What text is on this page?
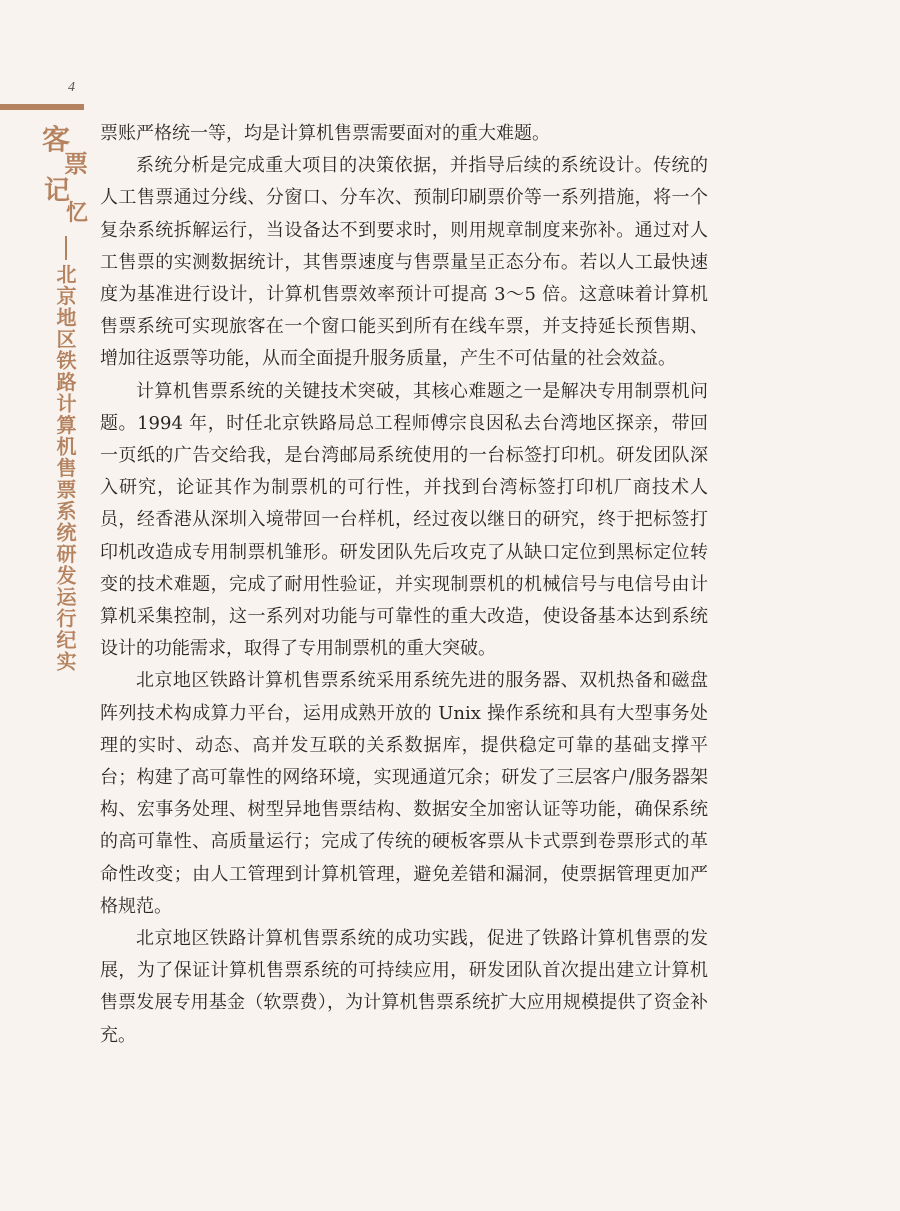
4
客
票
记
忆
北京地区铁路计算机售票系统研发运行纪实

票账严格统一等，均是计算机售票需要面对的重大难题。

系统分析是完成重大项目的决策依据，并指导后续的系统设计。传统的人工售票通过分线、分窗口、分车次、预制印刷票价等一系列措施，将一个复杂系统拆解运行，当设备达不到要求时，则用规章制度来弥补。通过对人工售票的实测数据统计，其售票速度与售票量呈正态分布。若以人工最快速度为基准进行设计，计算机售票效率预计可提高 3～5 倍。这意味着计算机售票系统可实现旅客在一个窗口能买到所有在线车票，并支持延长预售期、增加往返票等功能，从而全面提升服务质量，产生不可估量的社会效益。

计算机售票系统的关键技术突破，其核心难题之一是解决专用制票机问题。1994 年，时任北京铁路局总工程师傅宗良因私去台湾地区探亲，带回一页纸的广告交给我，是台湾邮局系统使用的一台标签打印机。研发团队深入研究，论证其作为制票机的可行性，并找到台湾标签打印机厂商技术人员，经香港从深圳入境带回一台样机，经过夜以继日的研究，终于把标签打印机改造成专用制票机雏形。研发团队先后攻克了从缺口定位到黑标定位转变的技术难题，完成了耐用性验证，并实现制票机的机械信号与电信号由计算机采集控制，这一系列对功能与可靠性的重大改造，使设备基本达到系统设计的功能需求，取得了专用制票机的重大突破。

北京地区铁路计算机售票系统采用系统先进的服务器、双机热备和磁盘阵列技术构成算力平台，运用成熟开放的 Unix 操作系统和具有大型事务处理的实时、动态、高并发互联的关系数据库，提供稳定可靠的基础支撑平台；构建了高可靠性的网络环境，实现通道冗余；研发了三层客户/服务器架构、宏事务处理、树型异地售票结构、数据安全加密认证等功能，确保系统的高可靠性、高质量运行；完成了传统的硬板客票从卡式票到卷票形式的革命性改变；由人工管理到计算机管理，避免差错和漏洞，使票据管理更加严格规范。

北京地区铁路计算机售票系统的成功实践，促进了铁路计算机售票的发展，为了保证计算机售票系统的可持续应用，研发团队首次提出建立计算机售票发展专用基金（软票费），为计算机售票系统扩大应用规模提供了资金补充。
